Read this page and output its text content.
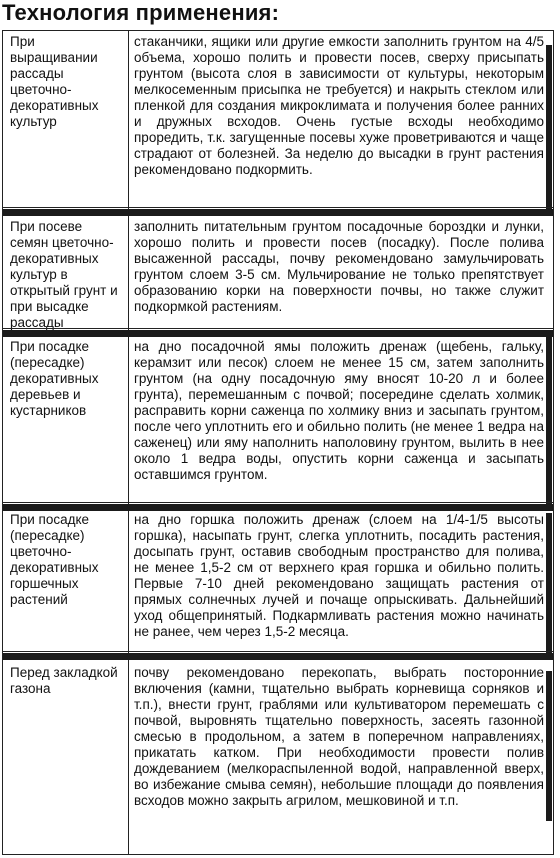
Технология применения:
При выращивании рассады цветочно-декоративных культур
стаканчики, ящики или другие емкости заполнить грунтом на 4/5 объема, хорошо полить и провести посев, сверху присыпать грунтом (высота слоя в зависимости от культуры, некоторым мелкосеменным присыпка не требуется) и накрыть стеклом или пленкой для создания микроклимата и получения более ранних и дружных всходов. Очень густые всходы необходимо проредить, т.к. загущенные посевы хуже проветриваются и чаще страдают от болезней. За неделю до высадки в грунт растения рекомендовано подкормить.
При посеве семян цветочно-декоративных культур в открытый грунт и при высадке рассады
заполнить питательным грунтом посадочные бороздки и лунки, хорошо полить и провести посев (посадку). После полива высаженной рассады, почву рекомендовано замульчировать грунтом слоем 3-5 см. Мульчирование не только препятствует образованию корки на поверхности почвы, но также служит подкормкой растениям.
При посадке (пересадке) декоративных деревьев и кустарников
на дно посадочной ямы положить дренаж (щебень, гальку, керамзит или песок) слоем не менее 15 см, затем заполнить грунтом (на одну посадочную яму вносят 10-20 л и более грунта), перемешанным с почвой; посередине сделать холмик, расправить корни саженца по холмику вниз и засыпать грунтом, после чего уплотнить его и обильно полить (не менее 1 ведра на саженец) или яму наполнить наполовину грунтом, вылить в нее около 1 ведра воды, опустить корни саженца и засыпать оставшимся грунтом.
При посадке (пересадке) цветочно-декоративных горшечных растений
на дно горшка положить дренаж (слоем на 1/4-1/5 высоты горшка), насыпать грунт, слегка уплотнить, посадить растения, досыпать грунт, оставив свободным пространство для полива, не менее 1,5-2 см от верхнего края горшка и обильно полить. Первые 7-10 дней рекомендовано защищать растения от прямых солнечных лучей и почаще опрыскивать. Дальнейший уход общепринятый. Подкармливать растения можно начинать не ранее, чем через 1,5-2 месяца.
Перед закладкой газона
почву рекомендовано перекопать, выбрать посторонние включения (камни, тщательно выбрать корневища сорняков и т.п.), внести грунт, граблями или культиватором перемешать с почвой, выровнять тщательно поверхность, засеять газонной смесью в продольном, а затем в поперечном направлениях, прикатать катком. При необходимости провести полив дождеванием (мелкораспыленной водой, направленной вверх, во избежание смыва семян), небольшие площади до появления всходов можно закрыть агрилом, мешковиной и т.п.
